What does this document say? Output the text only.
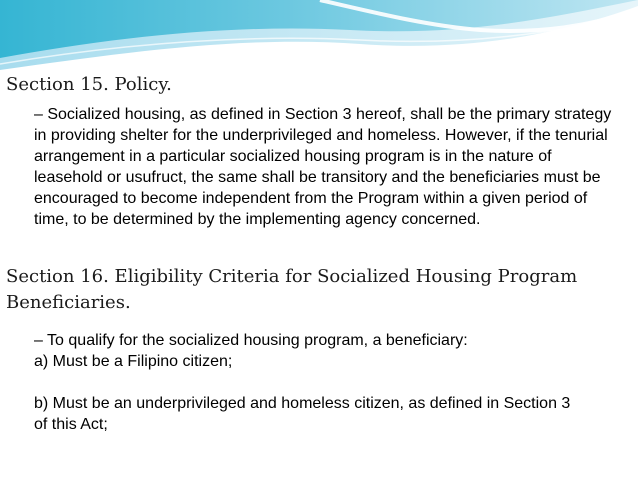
Section 15. Policy.

– Socialized housing, as defined in Section 3 hereof, shall be the primary strategy in providing shelter for the underprivileged and homeless. However, if the tenurial arrangement in a particular socialized housing program is in the nature of leasehold or usufruct, the same shall be transitory and the beneficiaries must be encouraged to become independent from the Program within a given period of time, to be determined by the implementing agency concerned.

Section 16. Eligibility Criteria for Socialized Housing Program Beneficiaries.

– To qualify for the socialized housing program, a beneficiary:

a) Must be a Filipino citizen;

b) Must be an underprivileged and homeless citizen, as defined in Section 3 of this Act;
